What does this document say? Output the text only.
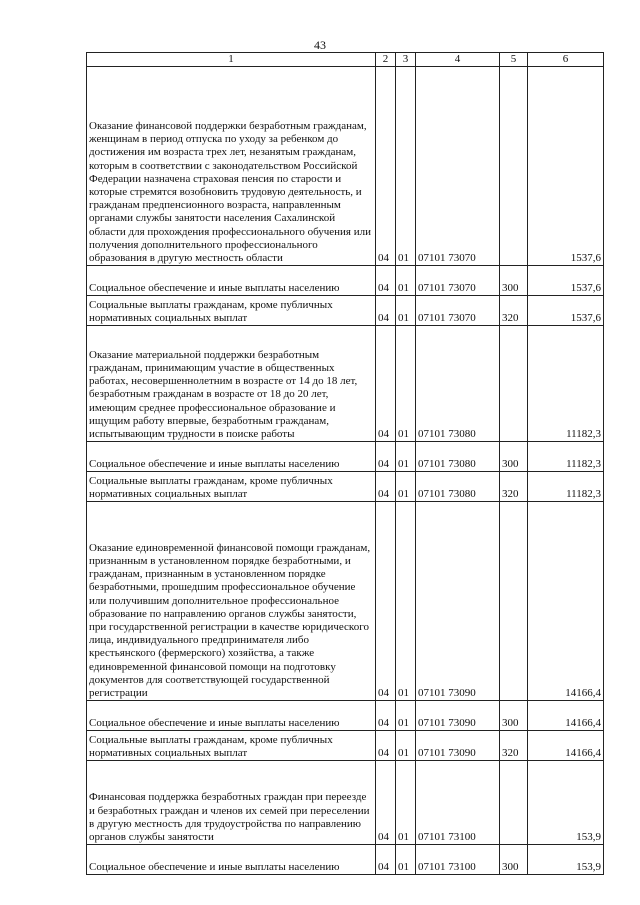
43
1	2	3	4	5	6
Оказание финансовой поддержки безработным гражданам, женщинам в период отпуска по уходу за ребенком до достижения им возраста трех лет, незанятым гражданам, которым в соответствии с законодательством Российской Федерации назначена страховая пенсия по старости и которые стремятся возобновить трудовую деятельность, и гражданам предпенсионного возраста, направленным органами службы занятости населения Сахалинской области для прохождения профессионального обучения или получения дополнительного профессионального образования в другую местность области	04	01	07101 73070		1537,6
Социальное обеспечение и иные выплаты населению	04	01	07101 73070	300	1537,6
Социальные выплаты гражданам, кроме публичных нормативных социальных выплат	04	01	07101 73070	320	1537,6
Оказание материальной поддержки безработным гражданам, принимающим участие в общественных работах, несовершеннолетним в возрасте от 14 до 18 лет, безработным гражданам в возрасте от 18 до 20 лет, имеющим среднее профессиональное образование и ищущим работу впервые, безработным гражданам, испытывающим трудности в поиске работы	04	01	07101 73080		11182,3
Социальное обеспечение и иные выплаты населению	04	01	07101 73080	300	11182,3
Социальные выплаты гражданам, кроме публичных нормативных социальных выплат	04	01	07101 73080	320	11182,3
Оказание единовременной финансовой помощи гражданам, признанным в установленном порядке безработными, и гражданам, признанным в установленном порядке безработными, прошедшим профессиональное обучение или получившим дополнительное профессиональное образование по направлению органов службы занятости, при государственной регистрации в качестве юридического лица, индивидуального предпринимателя либо крестьянского (фермерского) хозяйства, а также единовременной финансовой помощи на подготовку документов для соответствующей государственной регистрации	04	01	07101 73090		14166,4
Социальное обеспечение и иные выплаты населению	04	01	07101 73090	300	14166,4
Социальные выплаты гражданам, кроме публичных нормативных социальных выплат	04	01	07101 73090	320	14166,4
Финансовая поддержка безработных граждан при переезде и безработных граждан и членов их семей при переселении в другую местность для трудоустройства по направлению органов службы занятости	04	01	07101 73100		153,9
Социальное обеспечение и иные выплаты населению	04	01	07101 73100	300	153,9
